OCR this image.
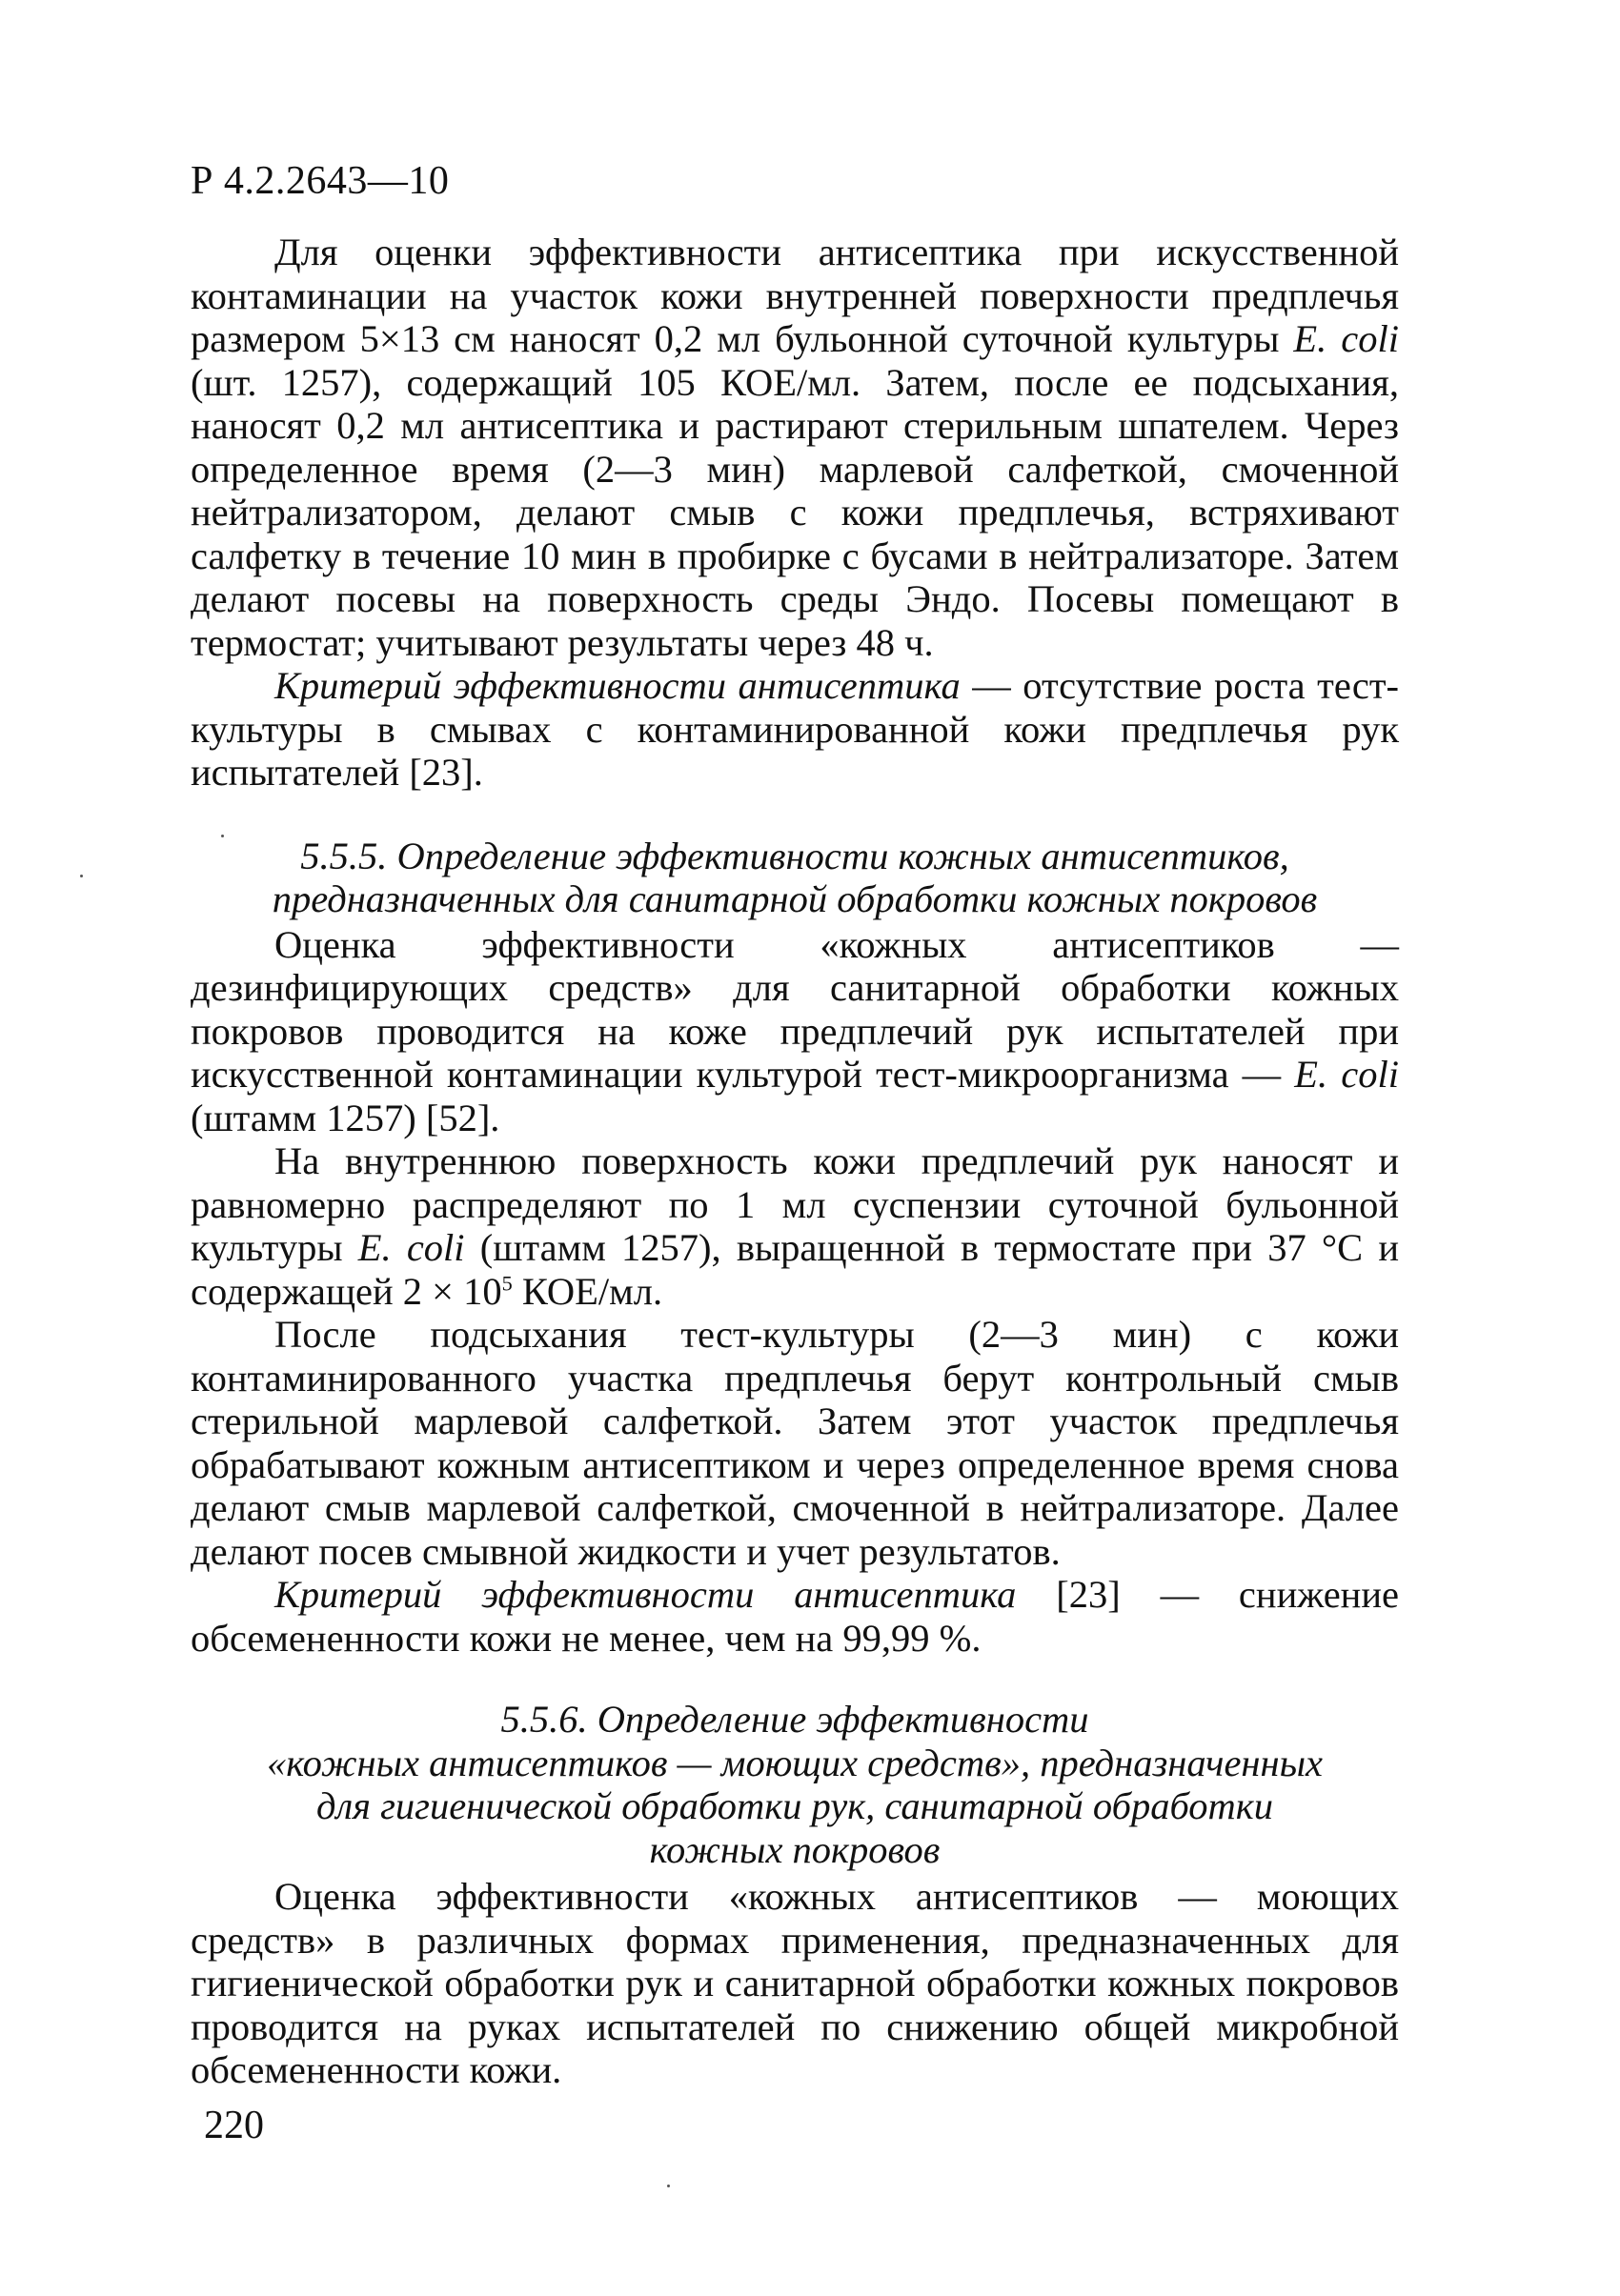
Р 4.2.2643—10

Для оценки эффективности антисептика при искусственной контаминации на участок кожи внутренней поверхности предплечья размером 5×13 см наносят 0,2 мл бульонной суточной культуры E. coli (шт. 1257), содержащий 105 КОЕ/мл. Затем, после ее подсыхания, наносят 0,2 мл антисептика и растирают стерильным шпателем. Через определенное время (2—3 мин) марлевой салфеткой, смоченной нейтрализатором, делают смыв с кожи предплечья, встряхивают салфетку в течение 10 мин в пробирке с бусами в нейтрализаторе. Затем делают посевы на поверхность среды Эндо. Посевы помещают в термостат; учитывают результаты через 48 ч.

Критерий эффективности антисептика — отсутствие роста тест-культуры в смывах с контаминированной кожи предплечья рук испытателей [23].

5.5.5. Определение эффективности кожных антисептиков,
предназначенных для санитарной обработки кожных покровов

Оценка эффективности «кожных антисептиков — дезинфицирующих средств» для санитарной обработки кожных покровов проводится на коже предплечий рук испытателей при искусственной контаминации культурой тест-микроорганизма — E. coli (штамм 1257) [52].

На внутреннюю поверхность кожи предплечий рук наносят и равномерно распределяют по 1 мл суспензии суточной бульонной культуры E. coli (штамм 1257), выращенной в термостате при 37 °С и содержащей $2 \times 10^5$ КОЕ/мл.

После подсыхания тест-культуры (2—3 мин) с кожи контаминированного участка предплечья берут контрольный смыв стерильной марлевой салфеткой. Затем этот участок предплечья обрабатывают кожным антисептиком и через определенное время снова делают смыв марлевой салфеткой, смоченной в нейтрализаторе. Далее делают посев смывной жидкости и учет результатов.

Критерий эффективности антисептика [23] — снижение обсемененности кожи не менее, чем на 99,99 %.

5.5.6. Определение эффективности
«кожных антисептиков — моющих средств», предназначенных
для гигиенической обработки рук, санитарной обработки
кожных покровов

Оценка эффективности «кожных антисептиков — моющих средств» в различных формах применения, предназначенных для гигиенической обработки рук и санитарной обработки кожных покровов проводится на руках испытателей по снижению общей микробной обсемененности кожи.

220
